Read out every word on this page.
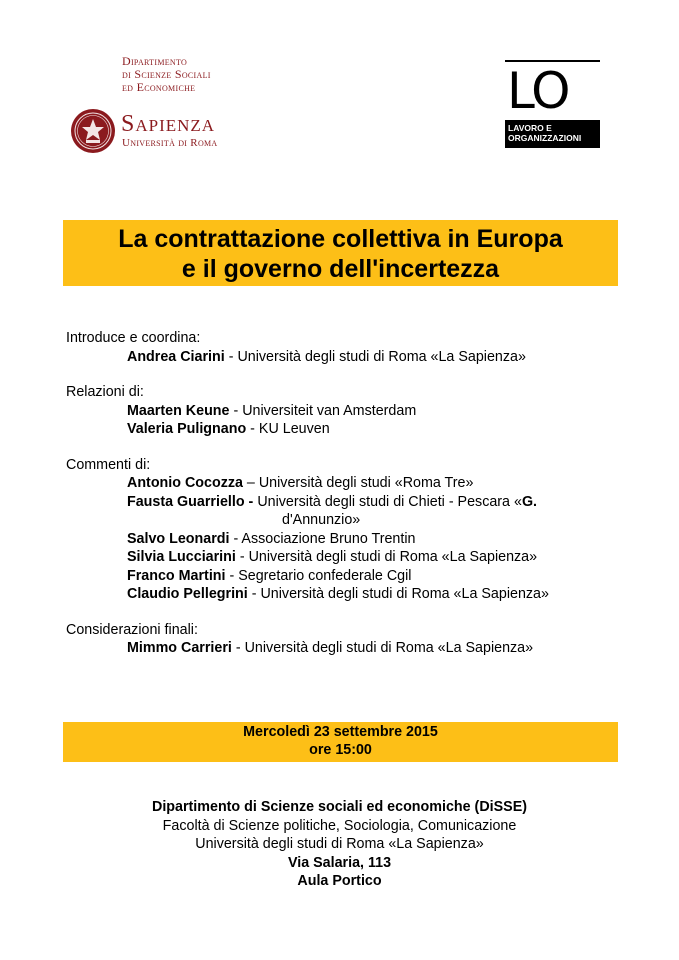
Dipartimento
di Scienze Sociali
ed Economiche
Sapienza
Università di Roma
LO
LAVORO E
ORGANIZZAZIONI
La contrattazione collettiva in Europa
e il governo dell'incertezza
Introduce e coordina:
Andrea Ciarini - Università degli studi di Roma «La Sapienza»
Relazioni di:
Maarten Keune - Universiteit van Amsterdam
Valeria Pulignano - KU Leuven
Commenti di:
Antonio Cocozza – Università degli studi «Roma Tre»
Fausta Guarriello - Università degli studi di Chieti - Pescara «G.
d'Annunzio»
Salvo Leonardi - Associazione Bruno Trentin
Silvia Lucciarini - Università degli studi di Roma «La Sapienza»
Franco Martini - Segretario confederale Cgil
Claudio Pellegrini - Università degli studi di Roma «La Sapienza»
Considerazioni finali:
Mimmo Carrieri - Università degli studi di Roma «La Sapienza»
Mercoledì 23 settembre 2015
ore 15:00
Dipartimento di Scienze sociali ed economiche (DiSSE)
Facoltà di Scienze politiche, Sociologia, Comunicazione
Università degli studi di Roma «La Sapienza»
Via Salaria, 113
Aula Portico
